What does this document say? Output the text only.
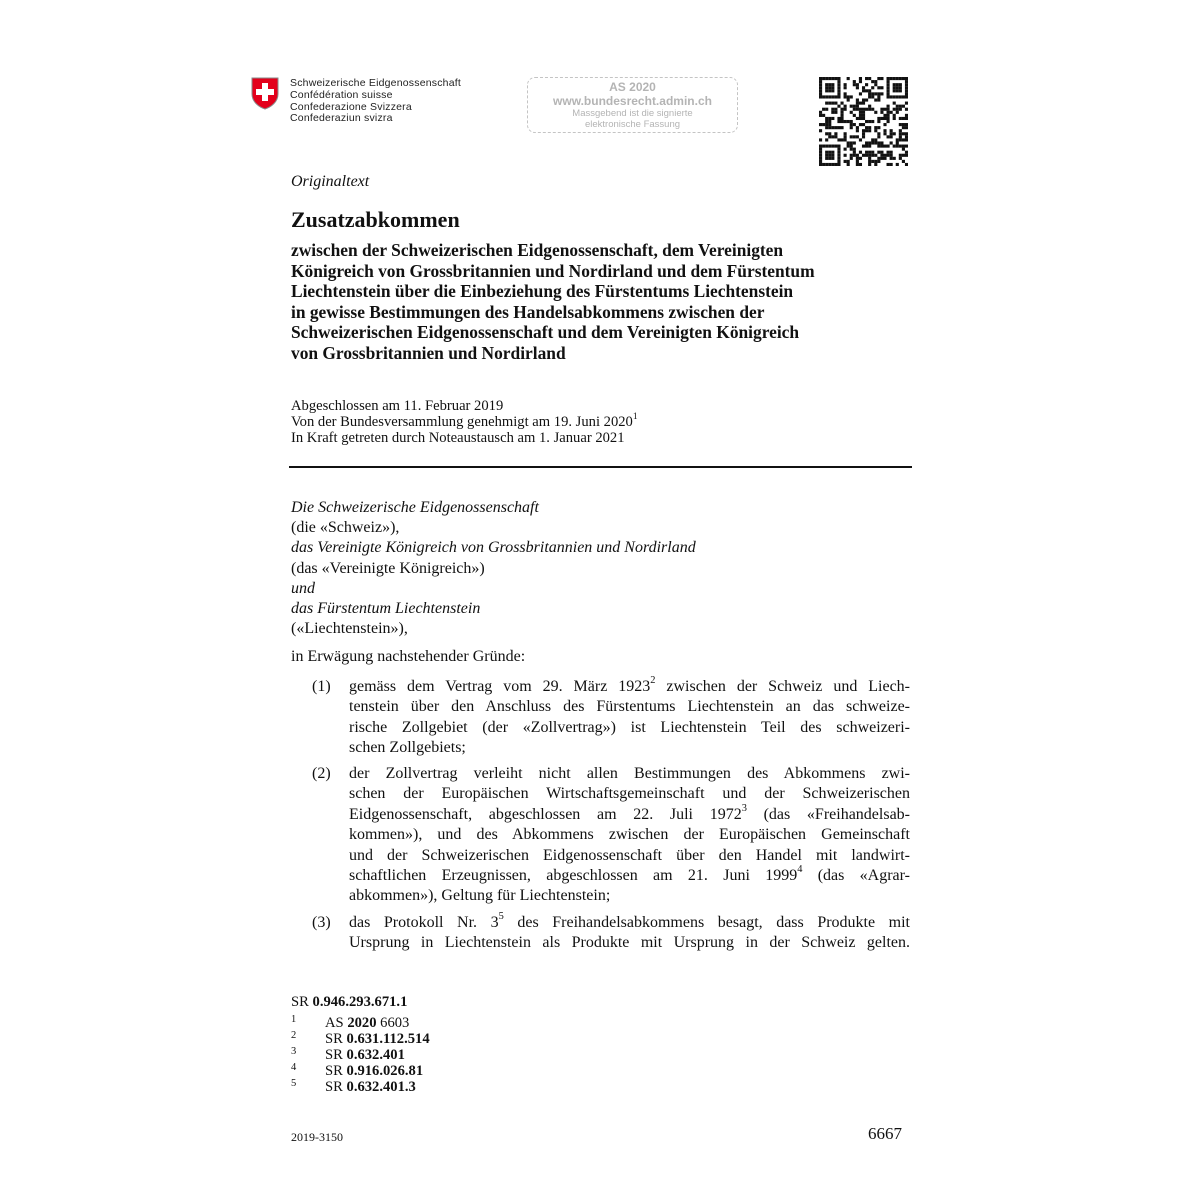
Schweizerische Eidgenossenschaft
Confédération suisse
Confederazione Svizzera
Confederaziun svizra
AS 2020
www.bundesrecht.admin.ch
Massgebend ist die signierte
elektronische Fassung
Originaltext
Zusatzabkommen
zwischen der Schweizerischen Eidgenossenschaft, dem Vereinigten
Königreich von Grossbritannien und Nordirland und dem Fürstentum
Liechtenstein über die Einbeziehung des Fürstentums Liechtenstein
in gewisse Bestimmungen des Handelsabkommens zwischen der
Schweizerischen Eidgenossenschaft und dem Vereinigten Königreich
von Grossbritannien und Nordirland
Abgeschlossen am 11. Februar 2019
Von der Bundesversammlung genehmigt am 19. Juni 2020$^1$
In Kraft getreten durch Noteaustausch am 1. Januar 2021
Die Schweizerische Eidgenossenschaft
(die «Schweiz»),
das Vereinigte Königreich von Grossbritannien und Nordirland
(das «Vereinigte Königreich»)
und
das Fürstentum Liechtenstein
(«Liechtenstein»),
in Erwägung nachstehender Gründe:
(1) gemäss dem Vertrag vom 29. März 1923$^2$ zwischen der Schweiz und Liech-
tenstein über den Anschluss des Fürstentums Liechtenstein an das schweize-
rische Zollgebiet (der «Zollvertrag») ist Liechtenstein Teil des schweizeri-
schen Zollgebiets;
(2) der Zollvertrag verleiht nicht allen Bestimmungen des Abkommens zwi-
schen der Europäischen Wirtschaftsgemeinschaft und der Schweizerischen
Eidgenossenschaft, abgeschlossen am 22. Juli 1972$^3$ (das «Freihandelsab-
kommen»), und des Abkommens zwischen der Europäischen Gemeinschaft
und der Schweizerischen Eidgenossenschaft über den Handel mit landwirt-
schaftlichen Erzeugnissen, abgeschlossen am 21. Juni 1999$^4$ (das «Agrar-
abkommen»), Geltung für Liechtenstein;
(3) das Protokoll Nr. $3^5$ des Freihandelsabkommens besagt, dass Produkte mit
Ursprung in Liechtenstein als Produkte mit Ursprung in der Schweiz gelten.
SR 0.946.293.671.1
1 AS 2020 6603
2 SR 0.631.112.514
3 SR 0.632.401
4 SR 0.916.026.81
5 SR 0.632.401.3
2019-3150	6667
